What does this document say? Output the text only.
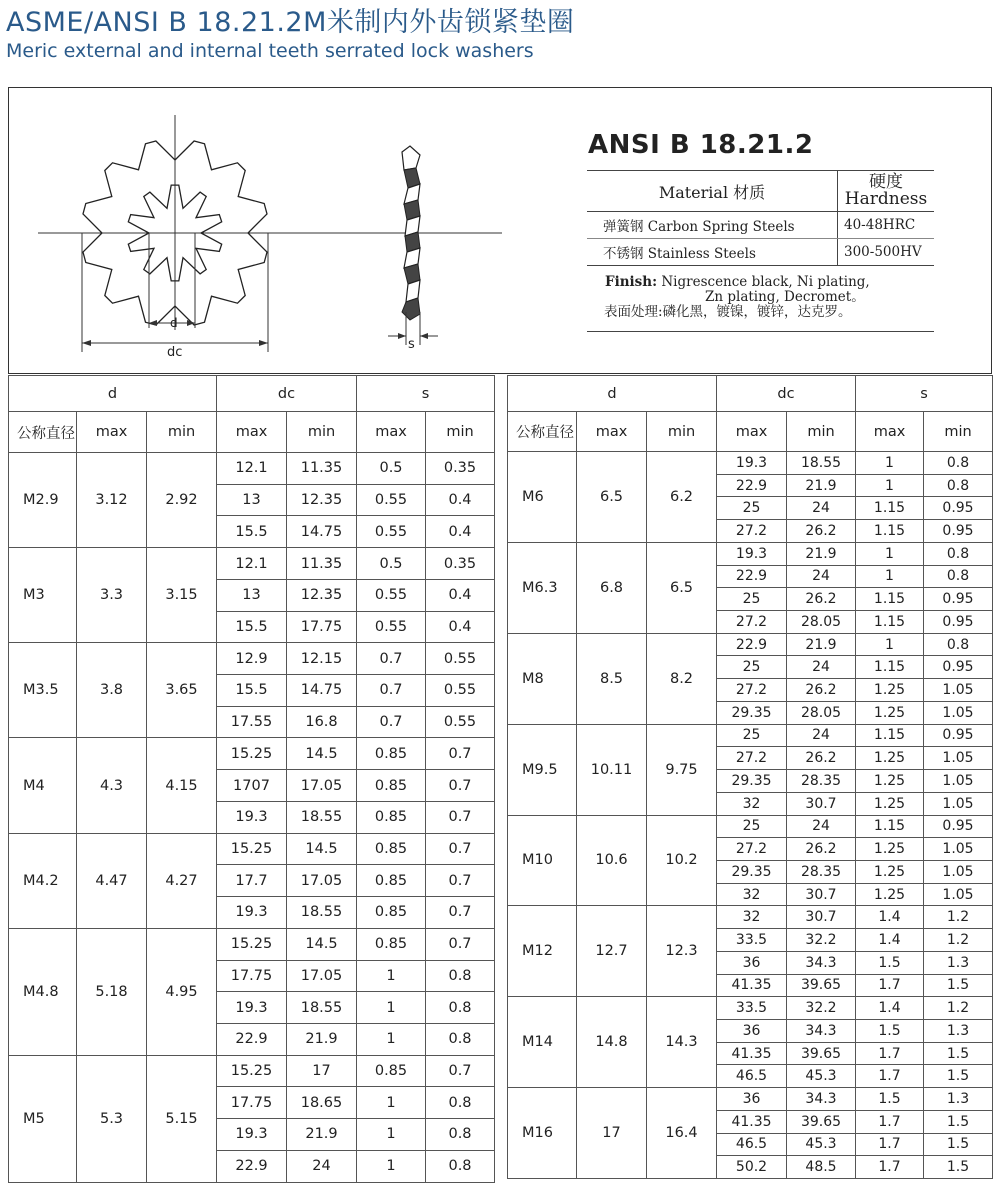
ASME/ANSI B 18.21.2M米制内外齿锁紧垫圈
Meric external and internal teeth serrated lock washers
d
dc
s
ANSI B 18.21.2
Material 材质	硬度
Hardness

弹簧钢 Carbon Spring Steels	40-48HRC
不锈钢 Stainless Steels	300-500HV
Finish: Nigrescence black, Ni plating,
Zn plating, Decromet。
表面处理:磷化黑，镀镍，镀锌，达克罗。
d			dc		s	
公称直径	max	min	max	min	max	min
M2.9	3.12	2.92	12.1	11.35	0.5	0.35
			13	12.35	0.55	0.4
			15.5	14.75	0.55	0.4
M3	3.3	3.15	12.1	11.35	0.5	0.35
			13	12.35	0.55	0.4
			15.5	17.75	0.55	0.4
M3.5	3.8	3.65	12.9	12.15	0.7	0.55
			15.5	14.75	0.7	0.55
			17.55	16.8	0.7	0.55
M4	4.3	4.15	15.25	14.5	0.85	0.7
			1707	17.05	0.85	0.7
			19.3	18.55	0.85	0.7
M4.2	4.47	4.27	15.25	14.5	0.85	0.7
			17.7	17.05	0.85	0.7
			19.3	18.55	0.85	0.7
M4.8	5.18	4.95	15.25	14.5	0.85	0.7
			17.75	17.05	1	0.8
			19.3	18.55	1	0.8
			22.9	21.9	1	0.8
M5	5.3	5.15	15.25	17	0.85	0.7
			17.75	18.65	1	0.8
			19.3	21.9	1	0.8
			22.9	24	1	0.8
d			dc		s	
公称直径	max	min	max	min	max	min
M6	6.5	6.2	19.3	18.55	1	0.8
			22.9	21.9	1	0.8
			25	24	1.15	0.95
			27.2	26.2	1.15	0.95
M6.3	6.8	6.5	19.3	21.9	1	0.8
			22.9	24	1	0.8
			25	26.2	1.15	0.95
			27.2	28.05	1.15	0.95
M8	8.5	8.2	22.9	21.9	1	0.8
			25	24	1.15	0.95
			27.2	26.2	1.25	1.05
			29.35	28.05	1.25	1.05
M9.5	10.11	9.75	25	24	1.15	0.95
			27.2	26.2	1.25	1.05
			29.35	28.35	1.25	1.05
			32	30.7	1.25	1.05
M10	10.6	10.2	25	24	1.15	0.95
			27.2	26.2	1.25	1.05
			29.35	28.35	1.25	1.05
			32	30.7	1.25	1.05
M12	12.7	12.3	32	30.7	1.4	1.2
			33.5	32.2	1.4	1.2
			36	34.3	1.5	1.3
			41.35	39.65	1.7	1.5
M14	14.8	14.3	33.5	32.2	1.4	1.2
			36	34.3	1.5	1.3
			41.35	39.65	1.7	1.5
			46.5	45.3	1.7	1.5
M16	17	16.4	36	34.3	1.5	1.3
			41.35	39.65	1.7	1.5
			46.5	45.3	1.7	1.5
			50.2	48.5	1.7	1.5
